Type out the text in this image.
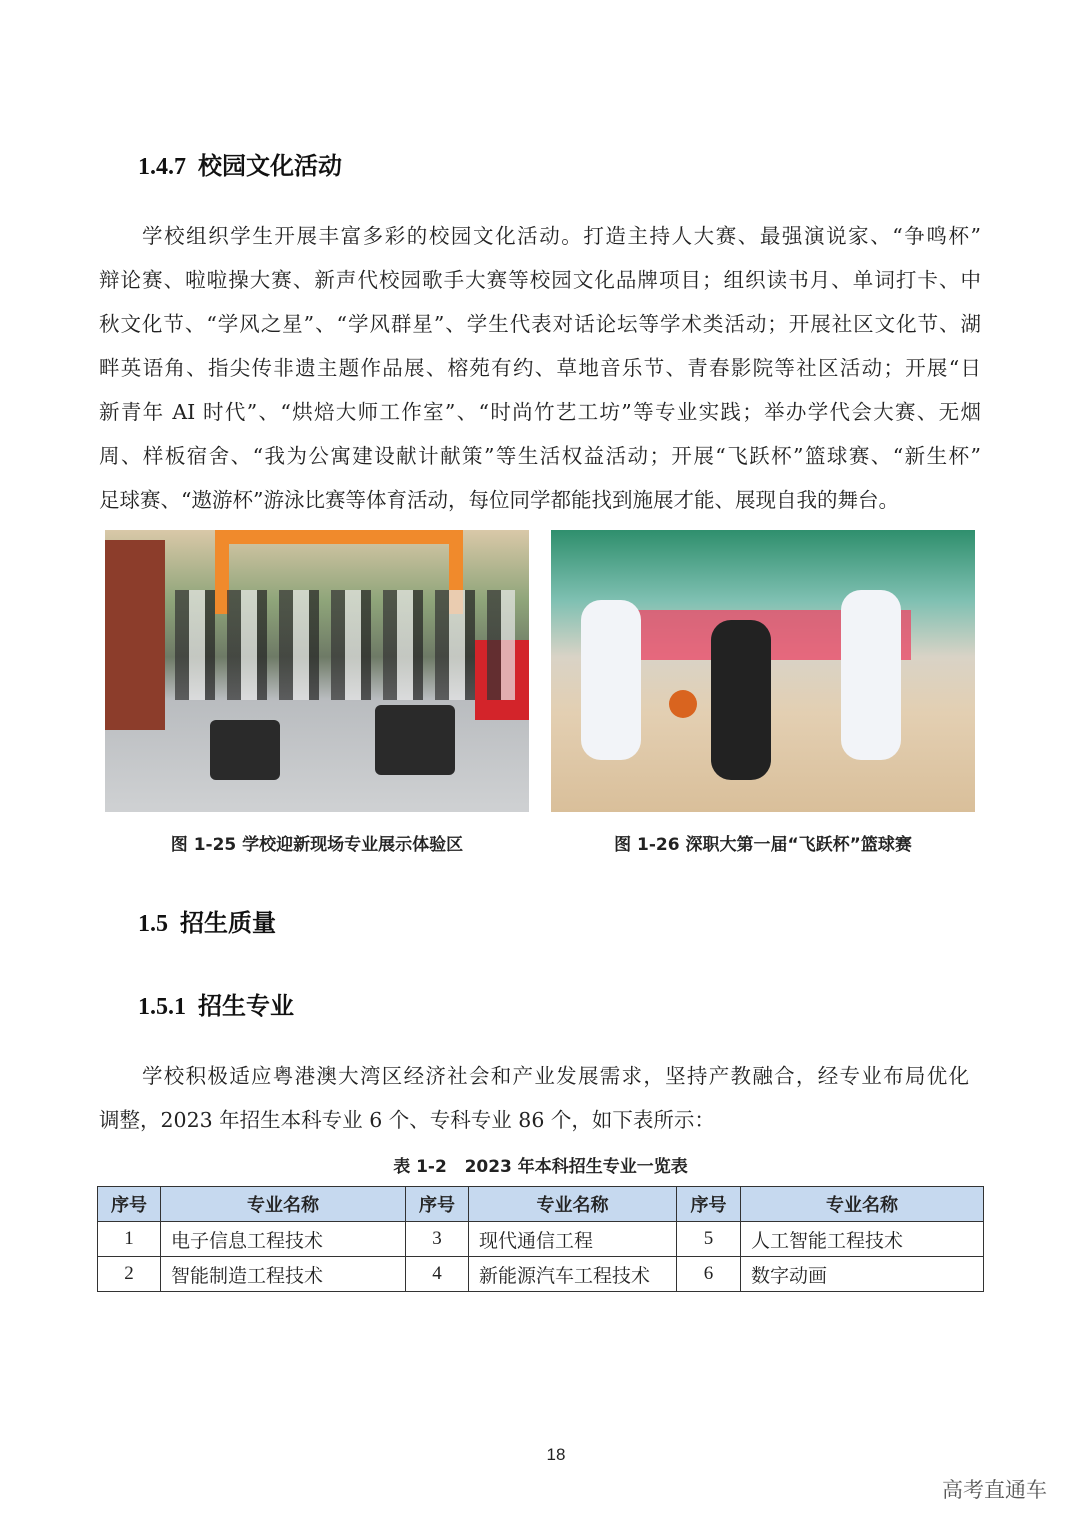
1.4.7 校园文化活动
学校组织学生开展丰富多彩的校园文化活动。打造主持人大赛、最强演说家、“争鸣杯”
辩论赛、啦啦操大赛、新声代校园歌手大赛等校园文化品牌项目；组织读书月、单词打卡、中
秋文化节、“学风之星”、“学风群星”、学生代表对话论坛等学术类活动；开展社区文化节、湖
畔英语角、指尖传非遗主题作品展、榕苑有约、草地音乐节、青春影院等社区活动；开展“日
新青年 AI 时代”、“烘焙大师工作室”、“时尚竹艺工坊”等专业实践；举办学代会大赛、无烟
周、样板宿舍、“我为公寓建设献计献策”等生活权益活动；开展“飞跃杯”篮球赛、“新生杯”
足球赛、“遨游杯”游泳比赛等体育活动，每位同学都能找到施展才能、展现自我的舞台。
图 1-25 学校迎新现场专业展示体验区	图 1-26 深职大第一届“飞跃杯”篮球赛
1.5 招生质量
1.5.1 招生专业
学校积极适应粤港澳大湾区经济社会和产业发展需求，坚持产教融合，经专业布局优化
调整，2023 年招生本科专业 6 个、专科专业 86 个，如下表所示：
表 1-2   2023 年本科招生专业一览表
序号	专业名称	序号	专业名称	序号	专业名称
1	电子信息工程技术	3	现代通信工程	5	人工智能工程技术
2	智能制造工程技术	4	新能源汽车工程技术	6	数字动画
18
高考直通车
